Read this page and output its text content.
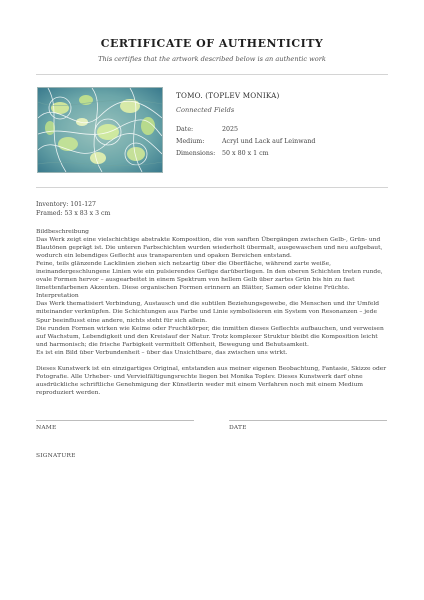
CERTIFICATE OF AUTHENTICITY
This certifies that the artwork described below is an authentic work
TOMO. (TOPLEV MONIKA)
Connected Fields
Date:	2025
Medium:	Acryl und Lack auf Leinwand
Dimensions: 50 x 80 x 1 cm
Inventory: 101-127
Framed: 53 x 83 x 3 cm
Bildbeschreibung
Das Werk zeigt eine vielschichtige abstrakte Komposition, die von sanften Übergängen zwischen Gelb-, Grün- und Blautönen geprägt ist. Die unteren Farbschichten wurden wiederholt übermalt, ausgewaschen und neu aufgebaut, wodurch ein lebendiges Geflecht aus transparenten und opaken Bereichen entstand.
Feine, teils glänzende Lacklinien ziehen sich netzartig über die Oberfläche, während zarte weiße, ineinandergeschlungene Linien wie ein pulsierendes Gefüge darüberliegen. In den oberen Schichten treten runde, ovale Formen hervor – ausgearbeitet in einem Spektrum von hellem Gelb über zartes Grün bis hin zu fast limettenfarbenen Akzenten. Diese organischen Formen erinnern an Blätter, Samen oder kleine Früchte.
Interpretation
Das Werk thematisiert Verbindung, Austausch und die subtilen Beziehungsgewebe, die Menschen und ihr Umfeld miteinander verknüpfen. Die Schichtungen aus Farbe und Linie symbolisieren ein System von Resonanzen – jede Spur beeinflusst eine andere, nichts steht für sich allein.
Die runden Formen wirken wie Keime oder Fruchtkörper, die inmitten dieses Geflechts aufbauchen, und verweisen auf Wachstum, Lebendigkeit und den Kreislauf der Natur. Trotz komplexer Struktur bleibt die Komposition leicht und harmonisch; die frische Farbigkeit vermittelt Offenheit, Bewegung und Behutsamkeit.
Es ist ein Bild über Verbundenheit – über das Unsichtbare, das zwischen uns wirkt.
Dieses Kunstwerk ist ein einzigartiges Original, entstanden aus meiner eigenen Beobachtung, Fantasie, Skizze oder Fotografie. Alle Urheber- und Vervielfältigungsrechte liegen bei Monika Toplev. Dieses Kunstwerk darf ohne ausdrückliche schriftliche Genehmigung der Künstlerin weder mit einem Verfahren noch mit einem Medium reproduziert werden.
NAME	DATE
SIGNATURE
